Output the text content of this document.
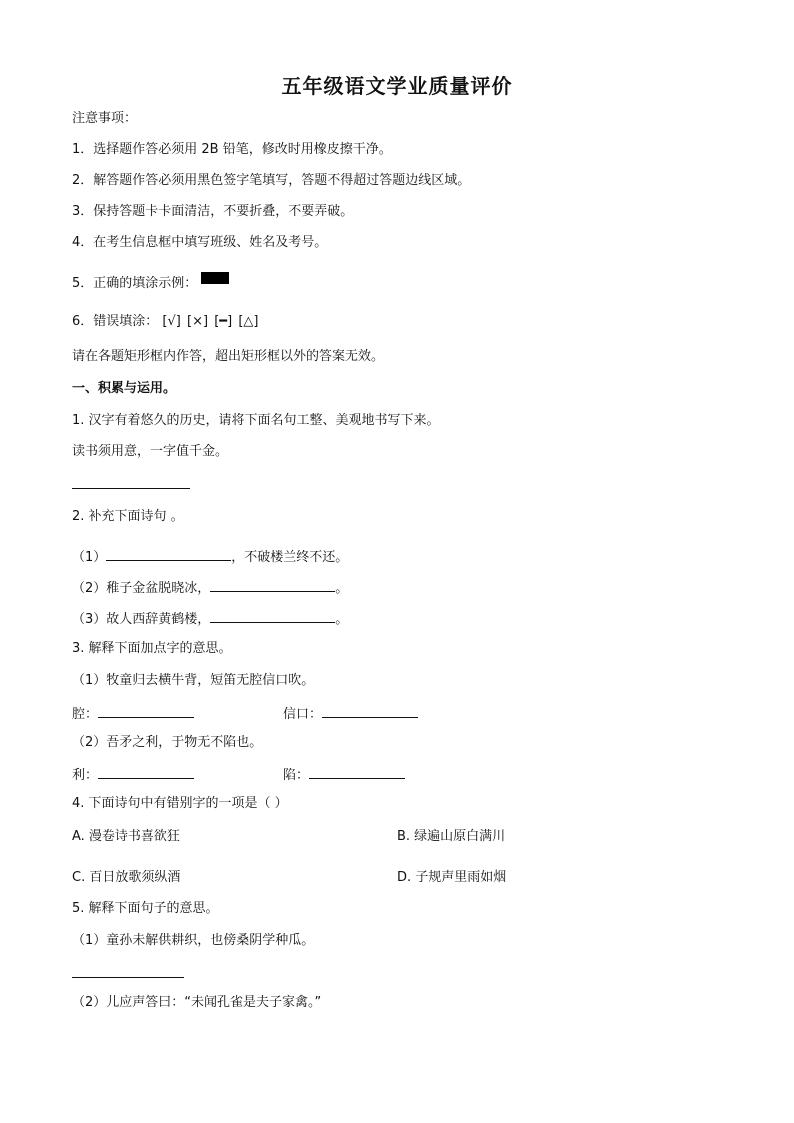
五年级语文学业质量评价
注意事项：
1．选择题作答必须用 2B 铅笔，修改时用橡皮擦干净。
2．解答题作答必须用黑色签字笔填写，答题不得超过答题边线区域。
3．保持答题卡卡面清洁，不要折叠，不要弄破。
4．在考生信息框中填写班级、姓名及考号。
5．正确的填涂示例：
6．错误填涂： [√] [×] [━] [△]
请在各题矩形框内作答，超出矩形框以外的答案无效。
一、积累与运用。
1. 汉字有着悠久的历史，请将下面名句工整、美观地书写下来。
读书须用意，一字值千金。
2. 补充下面诗句 。
（1）	，不破楼兰终不还。
（2）稚子金盆脱晓冰，	。
（3）故人西辞黄鹤楼，	。
3. 解释下面加点字的意思。
（1）牧童归去横牛背，短笛无腔信口吹。
腔：	信口：
（2）吾矛之利，于物无不陷也。
利：	陷：
4. 下面诗句中有错别字的一项是（ ）
A. 漫卷诗书喜欲狂	B. 绿遍山原白满川
C. 百日放歌须纵酒	D. 子规声里雨如烟
5. 解释下面句子的意思。
（1）童孙未解供耕织，也傍桑阴学种瓜。
（2）儿应声答曰：“未闻孔雀是夫子家禽。”
